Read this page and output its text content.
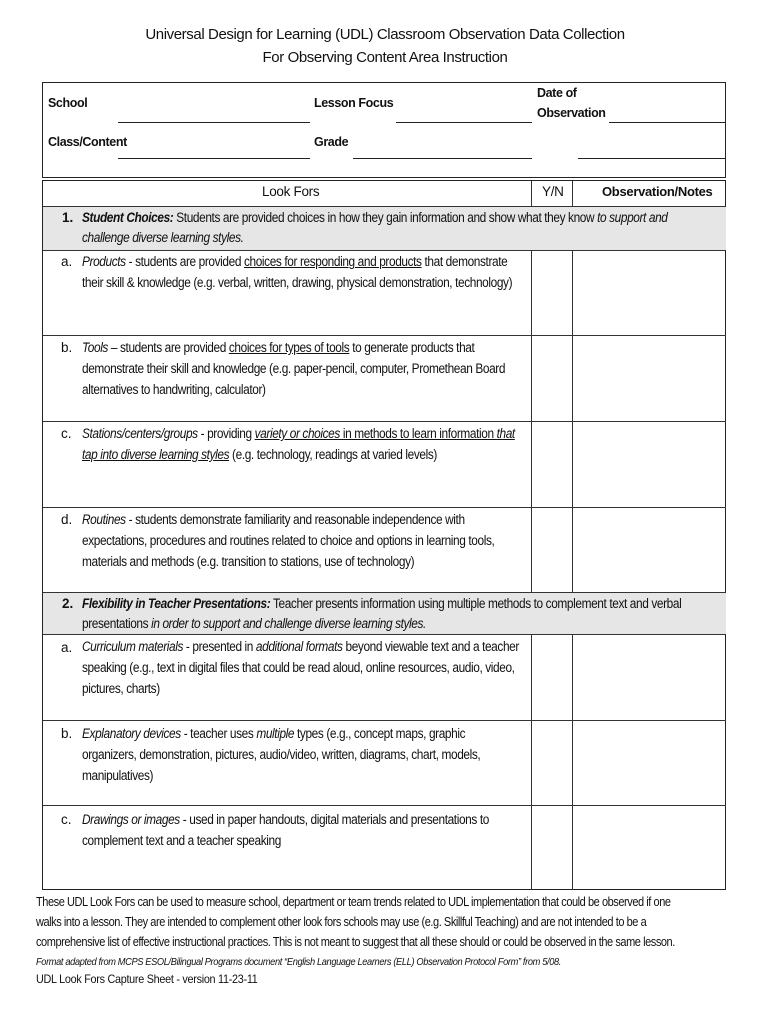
Universal Design for Learning (UDL) Classroom Observation Data Collection
For Observing Content Area Instruction
School	Lesson Focus
Date of
Observation
Class/Content	Grade
Look Fors	Y/N	Observation/Notes
1. Student Choices: Students are provided choices in how they gain information and show what they know to support and challenge diverse learning styles.
a. Products - students are provided choices for responding and products that demonstrate their skill & knowledge (e.g. verbal, written, drawing, physical demonstration, technology)
b. Tools – students are provided choices for types of tools to generate products that demonstrate their skill and knowledge (e.g. paper-pencil, computer, Promethean Board alternatives to handwriting, calculator)
c. Stations/centers/groups - providing variety or choices in methods to learn information that tap into diverse learning styles (e.g. technology, readings at varied levels)
d. Routines - students demonstrate familiarity and reasonable independence with expectations, procedures and routines related to choice and options in learning tools, materials and methods (e.g. transition to stations, use of technology)
2. Flexibility in Teacher Presentations: Teacher presents information using multiple methods to complement text and verbal presentations in order to support and challenge diverse learning styles.
a. Curriculum materials - presented in additional formats beyond viewable text and a teacher speaking (e.g., text in digital files that could be read aloud, online resources, audio, video, pictures, charts)
b. Explanatory devices - teacher uses multiple types (e.g., concept maps, graphic organizers, demonstration, pictures, audio/video, written, diagrams, chart, models, manipulatives)
c. Drawings or images - used in paper handouts, digital materials and presentations to complement text and a teacher speaking
These UDL Look Fors can be used to measure school, department or team trends related to UDL implementation that could be observed if one walks into a lesson. They are intended to complement other look fors schools may use (e.g. Skillful Teaching) and are not intended to be a comprehensive list of effective instructional practices. This is not meant to suggest that all these should or could be observed in the same lesson.
Format adapted from MCPS ESOL/Bilingual Programs document “English Language Learners (ELL) Observation Protocol Form” from 5/08.
UDL Look Fors Capture Sheet - version 11-23-11
